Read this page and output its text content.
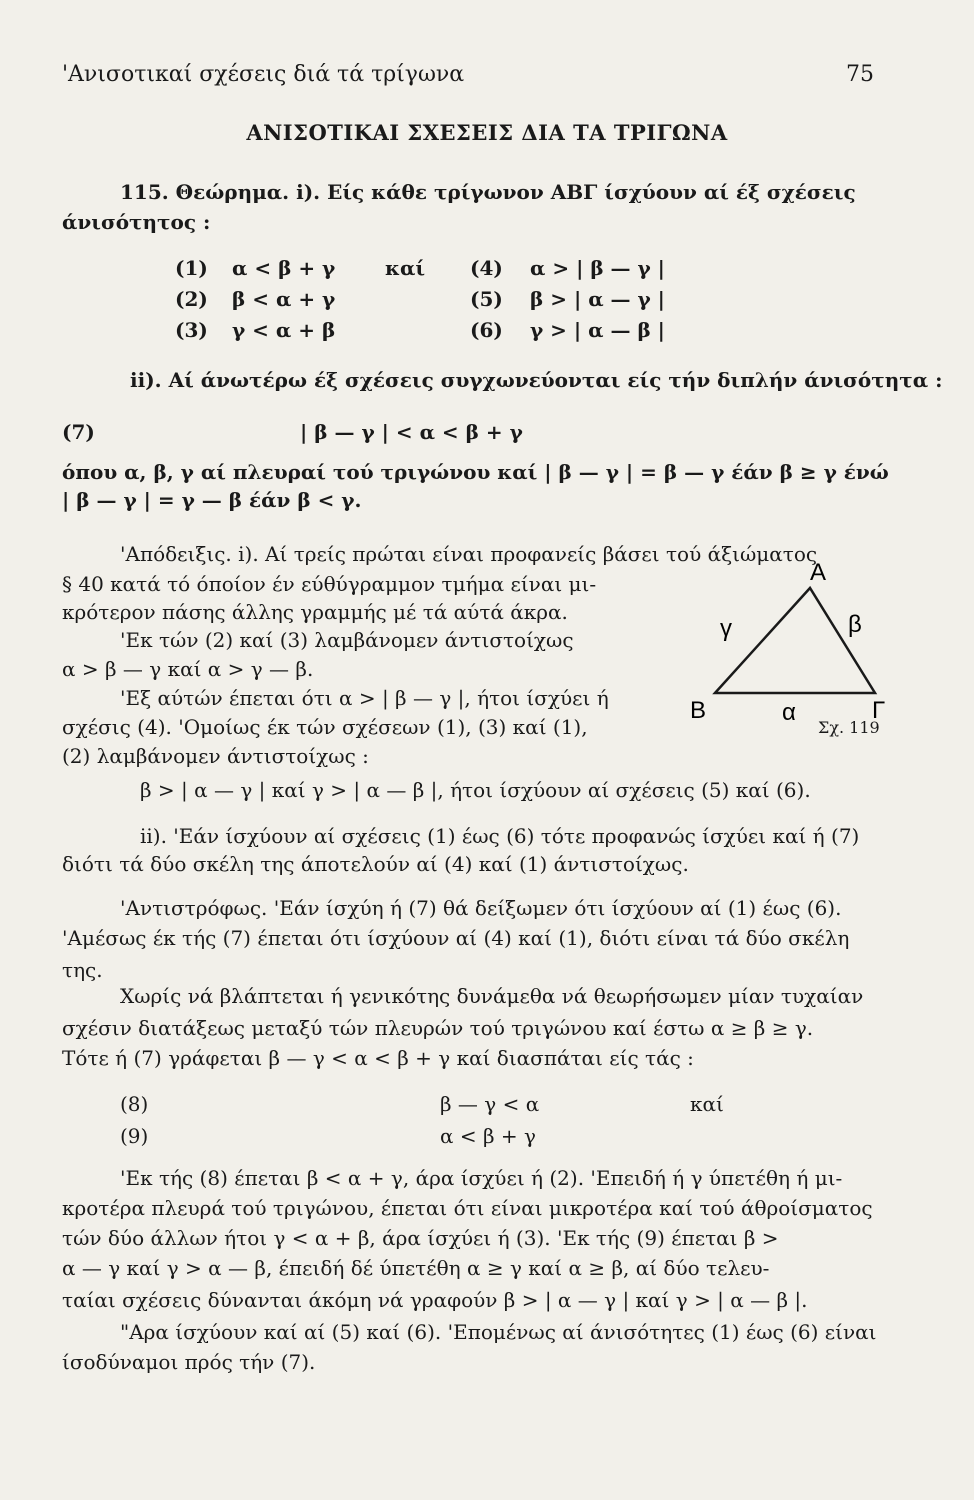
'Ανισοτικαί σχέσεις διά τά τρίγωνα	75
ΑΝΙΣΟΤΙΚΑΙ ΣΧΕΣΕΙΣ ΔΙΑ ΤΑ ΤΡΙΓΩΝΑ
115. Θεώρημα. i). Είς κάθε τρίγωνον ΑΒΓ ίσχύουν αί έξ σχέσεις
άνισότητος :
(1) α < β + γ καί (4) α > | β — γ |
(2) β < α + γ	(5) β > | α — γ |
(3) γ < α + β	(6) γ > | α — β |
ii). Αί άνωτέρω έξ σχέσεις συγχωνεύονται είς τήν διπλήν άνισότητα :
(7)	| β — γ | < α < β + γ
όπου α, β, γ αί πλευραί τού τριγώνου καί | β — γ | = β — γ έάν β ≥ γ ένώ
| β — γ | = γ — β έάν β < γ.
'Απόδειξις. i). Αί τρείς πρώται είναι προφανείς βάσει τού άξιώματος
§ 40 κατά τό όποίον έν εύθύγραμμον τμήμα είναι μι-
κρότερον πάσης άλλης γραμμής μέ τά αύτά άκρα.
'Εκ τών (2) καί (3) λαμβάνομεν άντιστοίχως
α > β — γ καί α > γ — β.
'Εξ αύτών έπεται ότι α > | β — γ |, ήτοι ίσχύει ή
σχέσις (4). 'Ομοίως έκ τών σχέσεων (1), (3) καί (1),
(2) λαμβάνομεν άντιστοίχως :
β > | α — γ | καί γ > | α — β |, ήτοι ίσχύουν αί σχέσεις (5) καί (6).
ii). 'Εάν ίσχύουν αί σχέσεις (1) έως (6) τότε προφανώς ίσχύει καί ή (7)
διότι τά δύο σκέλη της άποτελούν αί (4) καί (1) άντιστοίχως.
A
B	Γ
α
β
γ
Σχ. 119
'Αντιστρόφως. 'Εάν ίσχύη ή (7) θά δείξωμεν ότι ίσχύουν αί (1) έως (6).
'Αμέσως έκ τής (7) έπεται ότι ίσχύουν αί (4) καί (1), διότι είναι τά δύο σκέλη
της.
Χωρίς νά βλάπτεται ή γενικότης δυνάμεθα νά θεωρήσωμεν μίαν τυχαίαν
σχέσιν διατάξεως μεταξύ τών πλευρών τού τριγώνου καί έστω α ≥ β ≥ γ.
Τότε ή (7) γράφεται β — γ < α < β + γ καί διασπάται είς τάς :
(8)	β — γ < α	καί
(9)	α < β + γ
'Εκ τής (8) έπεται β < α + γ, άρα ίσχύει ή (2). 'Επειδή ή γ ύπετέθη ή μι-
κροτέρα πλευρά τού τριγώνου, έπεται ότι είναι μικροτέρα καί τού άθροίσματος
τών δύο άλλων ήτοι γ < α + β, άρα ίσχύει ή (3). 'Εκ τής (9) έπεται β >
α — γ καί γ > α — β, έπειδή δέ ύπετέθη α ≥ γ καί α ≥ β, αί δύο τελευ-
ταίαι σχέσεις δύνανται άκόμη νά γραφούν β > | α — γ | καί γ > | α — β |.
"Αρα ίσχύουν καί αί (5) καί (6). 'Επομένως αί άνισότητες (1) έως (6) είναι
ίσοδύναμοι πρός τήν (7).
